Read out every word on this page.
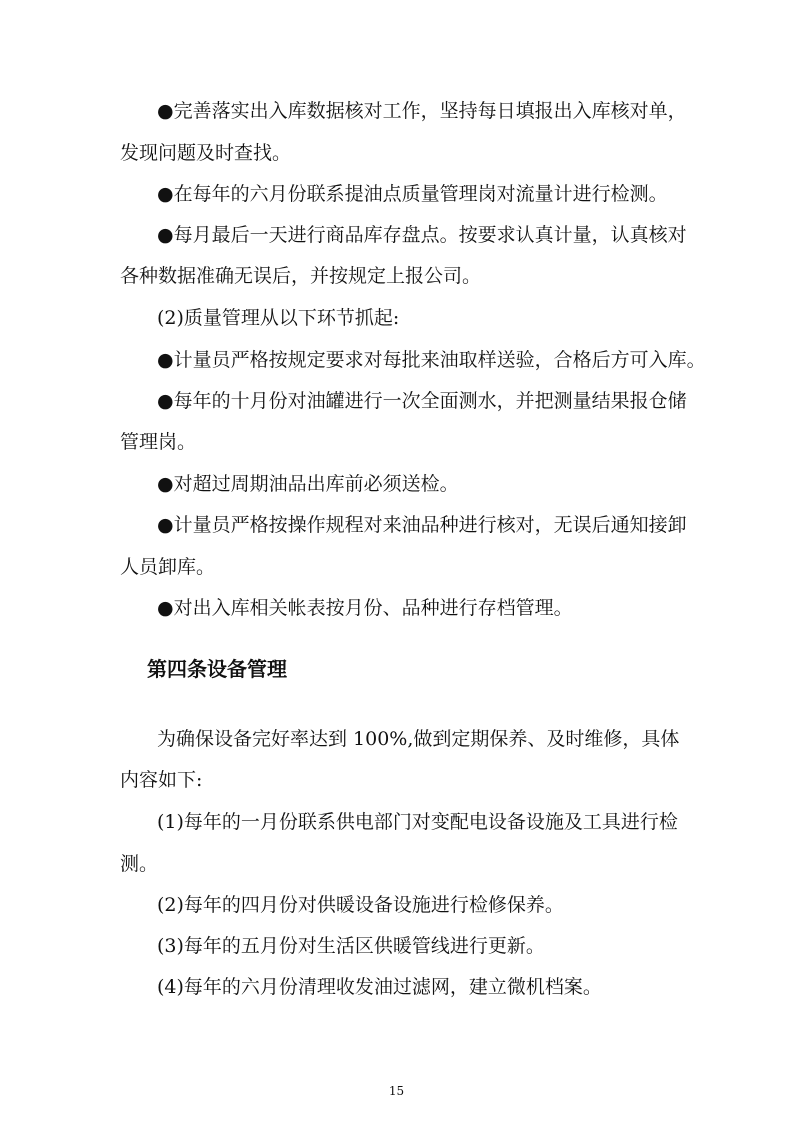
●完善落实出入库数据核对工作，坚持每日填报出入库核对单，
发现问题及时查找。
●在每年的六月份联系提油点质量管理岗对流量计进行检测。
●每月最后一天进行商品库存盘点。按要求认真计量，认真核对
各种数据准确无误后，并按规定上报公司。
(2)质量管理从以下环节抓起:
●计量员严格按规定要求对每批来油取样送验，合格后方可入库。
●每年的十月份对油罐进行一次全面测水，并把测量结果报仓储
管理岗。
●对超过周期油品出库前必须送检。
●计量员严格按操作规程对来油品种进行核对，无误后通知接卸
人员卸库。
●对出入库相关帐表按月份、品种进行存档管理。
第四条设备管理
为确保设备完好率达到 100%,做到定期保养、及时维修，具体
内容如下:
(1)每年的一月份联系供电部门对变配电设备设施及工具进行检
测。
(2)每年的四月份对供暖设备设施进行检修保养。
(3)每年的五月份对生活区供暖管线进行更新。
(4)每年的六月份清理收发油过滤网，建立微机档案。
15
